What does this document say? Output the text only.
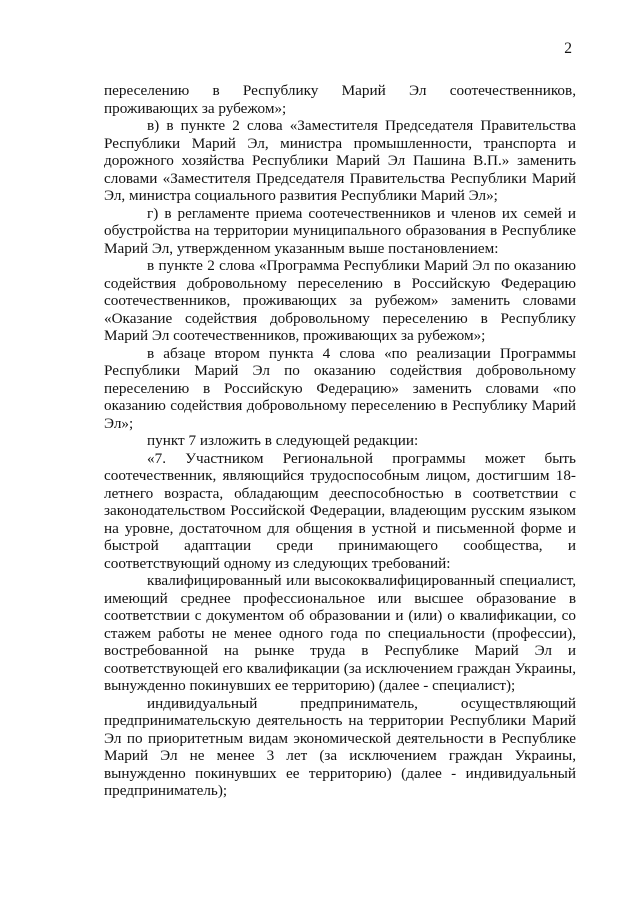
2

переселению в Республику Марий Эл соотечественников, проживающих за рубежом»;

в) в пункте 2 слова «Заместителя Председателя Правительства Республики Марий Эл, министра промышленности, транспорта и дорожного хозяйства Республики Марий Эл Пашина В.П.» заменить словами «Заместителя Председателя Правительства Республики Марий Эл, министра социального развития Республики Марий Эл»;

г) в регламенте приема соотечественников и членов их семей и обустройства на территории муниципального образования в Республике Марий Эл, утвержденном указанным выше постановлением:

в пункте 2 слова «Программа Республики Марий Эл по оказанию содействия добровольному переселению в Российскую Федерацию соотечественников, проживающих за рубежом» заменить словами «Оказание содействия добровольному переселению в Республику Марий Эл соотечественников, проживающих за рубежом»;

в абзаце втором пункта 4 слова «по реализации Программы Республики Марий Эл по оказанию содействия добровольному переселению в Российскую Федерацию» заменить словами «по оказанию содействия добровольному переселению в Республику Марий Эл»;

пункт 7 изложить в следующей редакции:

«7. Участником Региональной программы может быть соотечественник, являющийся трудоспособным лицом, достигшим 18-летнего возраста, обладающим дееспособностью в соответствии с законодательством Российской Федерации, владеющим русским языком на уровне, достаточном для общения в устной и письменной форме и быстрой адаптации среди принимающего сообщества, и соответствующий одному из следующих требований:

квалифицированный или высококвалифицированный специалист, имеющий среднее профессиональное или высшее образование в соответствии с документом об образовании и (или) о квалификации, со стажем работы не менее одного года по специальности (профессии), востребованной на рынке труда в Республике Марий Эл и соответствующей его квалификации (за исключением граждан Украины, вынужденно покинувших ее территорию) (далее - специалист);

индивидуальный предприниматель, осуществляющий предпринимательскую деятельность на территории Республики Марий Эл по приоритетным видам экономической деятельности в Республике Марий Эл не менее 3 лет (за исключением граждан Украины, вынужденно покинувших ее территорию) (далее - индивидуальный предприниматель);
